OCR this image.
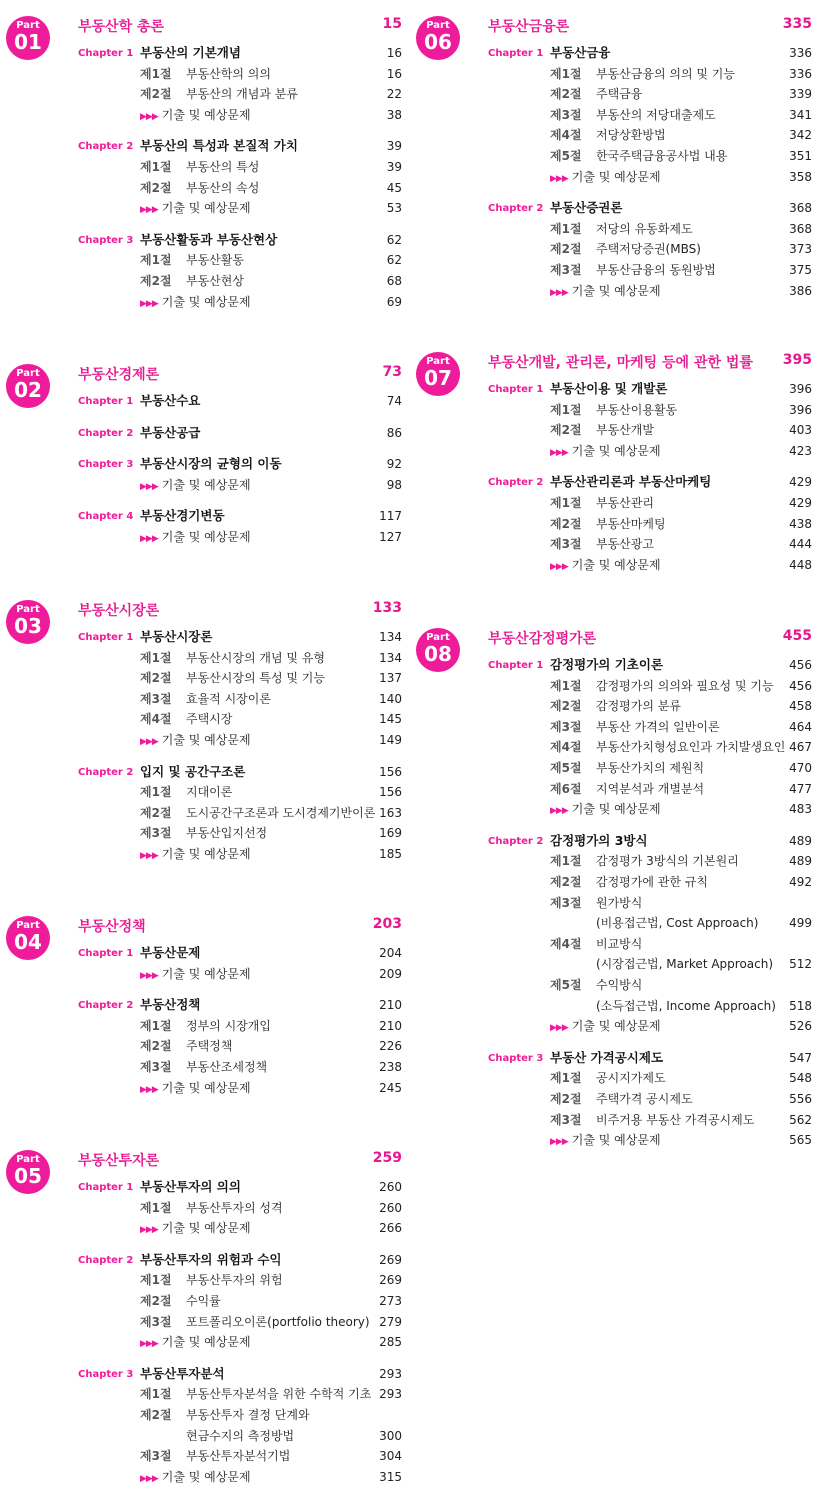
Part
01
부동산학 총론	15
Chapter 1 부동산의 기본개념	16
제1절 부동산학의 의의	16
제2절 부동산의 개념과 분류	22
▶▶▶ 기출 및 예상문제	38
Chapter 2 부동산의 특성과 본질적 가치	39
제1절 부동산의 특성	39
제2절 부동산의 속성	45
▶▶▶ 기출 및 예상문제	53
Chapter 3 부동산활동과 부동산현상	62
제1절 부동산활동	62
제2절 부동산현상	68
▶▶▶ 기출 및 예상문제	69
Part
02
부동산경제론	73
Chapter 1 부동산수요	74
Chapter 2 부동산공급	86
Chapter 3 부동산시장의 균형의 이동	92
▶▶▶ 기출 및 예상문제	98
Chapter 4 부동산경기변동	117
▶▶▶ 기출 및 예상문제	127
Part
03
부동산시장론	133
Chapter 1 부동산시장론	134
제1절 부동산시장의 개념 및 유형	134
제2절 부동산시장의 특성 및 기능	137
제3절 효율적 시장이론	140
제4절 주택시장	145
▶▶▶ 기출 및 예상문제	149
Chapter 2 입지 및 공간구조론	156
제1절 지대이론	156
제2절 도시공간구조론과 도시경제기반이론 163
제3절 부동산입지선정	169
▶▶▶ 기출 및 예상문제	185
Part
04
부동산정책	203
Chapter 1 부동산문제	204
▶▶▶ 기출 및 예상문제	209
Chapter 2 부동산정책	210
제1절 정부의 시장개입	210
제2절 주택정책	226
제3절 부동산조세정책	238
▶▶▶ 기출 및 예상문제	245
Part
05
부동산투자론	259
Chapter 1 부동산투자의 의의	260
제1절 부동산투자의 성격	260
▶▶▶ 기출 및 예상문제	266
Chapter 2 부동산투자의 위험과 수익	269
제1절 부동산투자의 위험	269
제2절 수익률	273
제3절 포트폴리오이론(portfolio theory) 279
▶▶▶ 기출 및 예상문제	285
Chapter 3 부동산투자분석	293
제1절 부동산투자분석을 위한 수학적 기초 293
제2절 부동산투자 결정 단계와
현금수지의 측정방법	300
제3절 부동산투자분석기법	304
▶▶▶ 기출 및 예상문제	315
Part
06
부동산금융론	335
Chapter 1 부동산금융	336
제1절 부동산금융의 의의 및 기능	336
제2절 주택금융	339
제3절 부동산의 저당대출제도	341
제4절 저당상환방법	342
제5절 한국주택금융공사법 내용	351
▶▶▶ 기출 및 예상문제	358
Chapter 2 부동산증권론	368
제1절 저당의 유동화제도	368
제2절 주택저당증권(MBS)	373
제3절 부동산금융의 동원방법	375
▶▶▶ 기출 및 예상문제	386
Part
07
부동산개발, 관리론, 마케팅 등에 관한 법률 395
Chapter 1 부동산이용 및 개발론	396
제1절 부동산이용활동	396
제2절 부동산개발	403
▶▶▶ 기출 및 예상문제	423
Chapter 2 부동산관리론과 부동산마케팅	429
제1절 부동산관리	429
제2절 부동산마케팅	438
제3절 부동산광고	444
▶▶▶ 기출 및 예상문제	448
Part
08
부동산감정평가론	455
Chapter 1 감정평가의 기초이론	456
제1절 감정평가의 의의와 필요성 및 기능	456
제2절 감정평가의 분류	458
제3절 부동산 가격의 일반이론	464
제4절 부동산가치형성요인과 가치발생요인 467
제5절 부동산가치의 제원칙	470
제6절 지역분석과 개별분석	477
▶▶▶ 기출 및 예상문제	483
Chapter 2 감정평가의 3방식	489
제1절 감정평가 3방식의 기본원리	489
제2절 감정평가에 관한 규칙	492
제3절 원가방식
(비용접근법, Cost Approach)	499
제4절 비교방식
(시장접근법, Market Approach)	512
제5절 수익방식
(소득접근법, Income Approach)	518
▶▶▶ 기출 및 예상문제	526
Chapter 3 부동산 가격공시제도	547
제1절 공시지가제도	548
제2절 주택가격 공시제도	556
제3절 비주거용 부동산 가격공시제도	562
▶▶▶ 기출 및 예상문제	565
